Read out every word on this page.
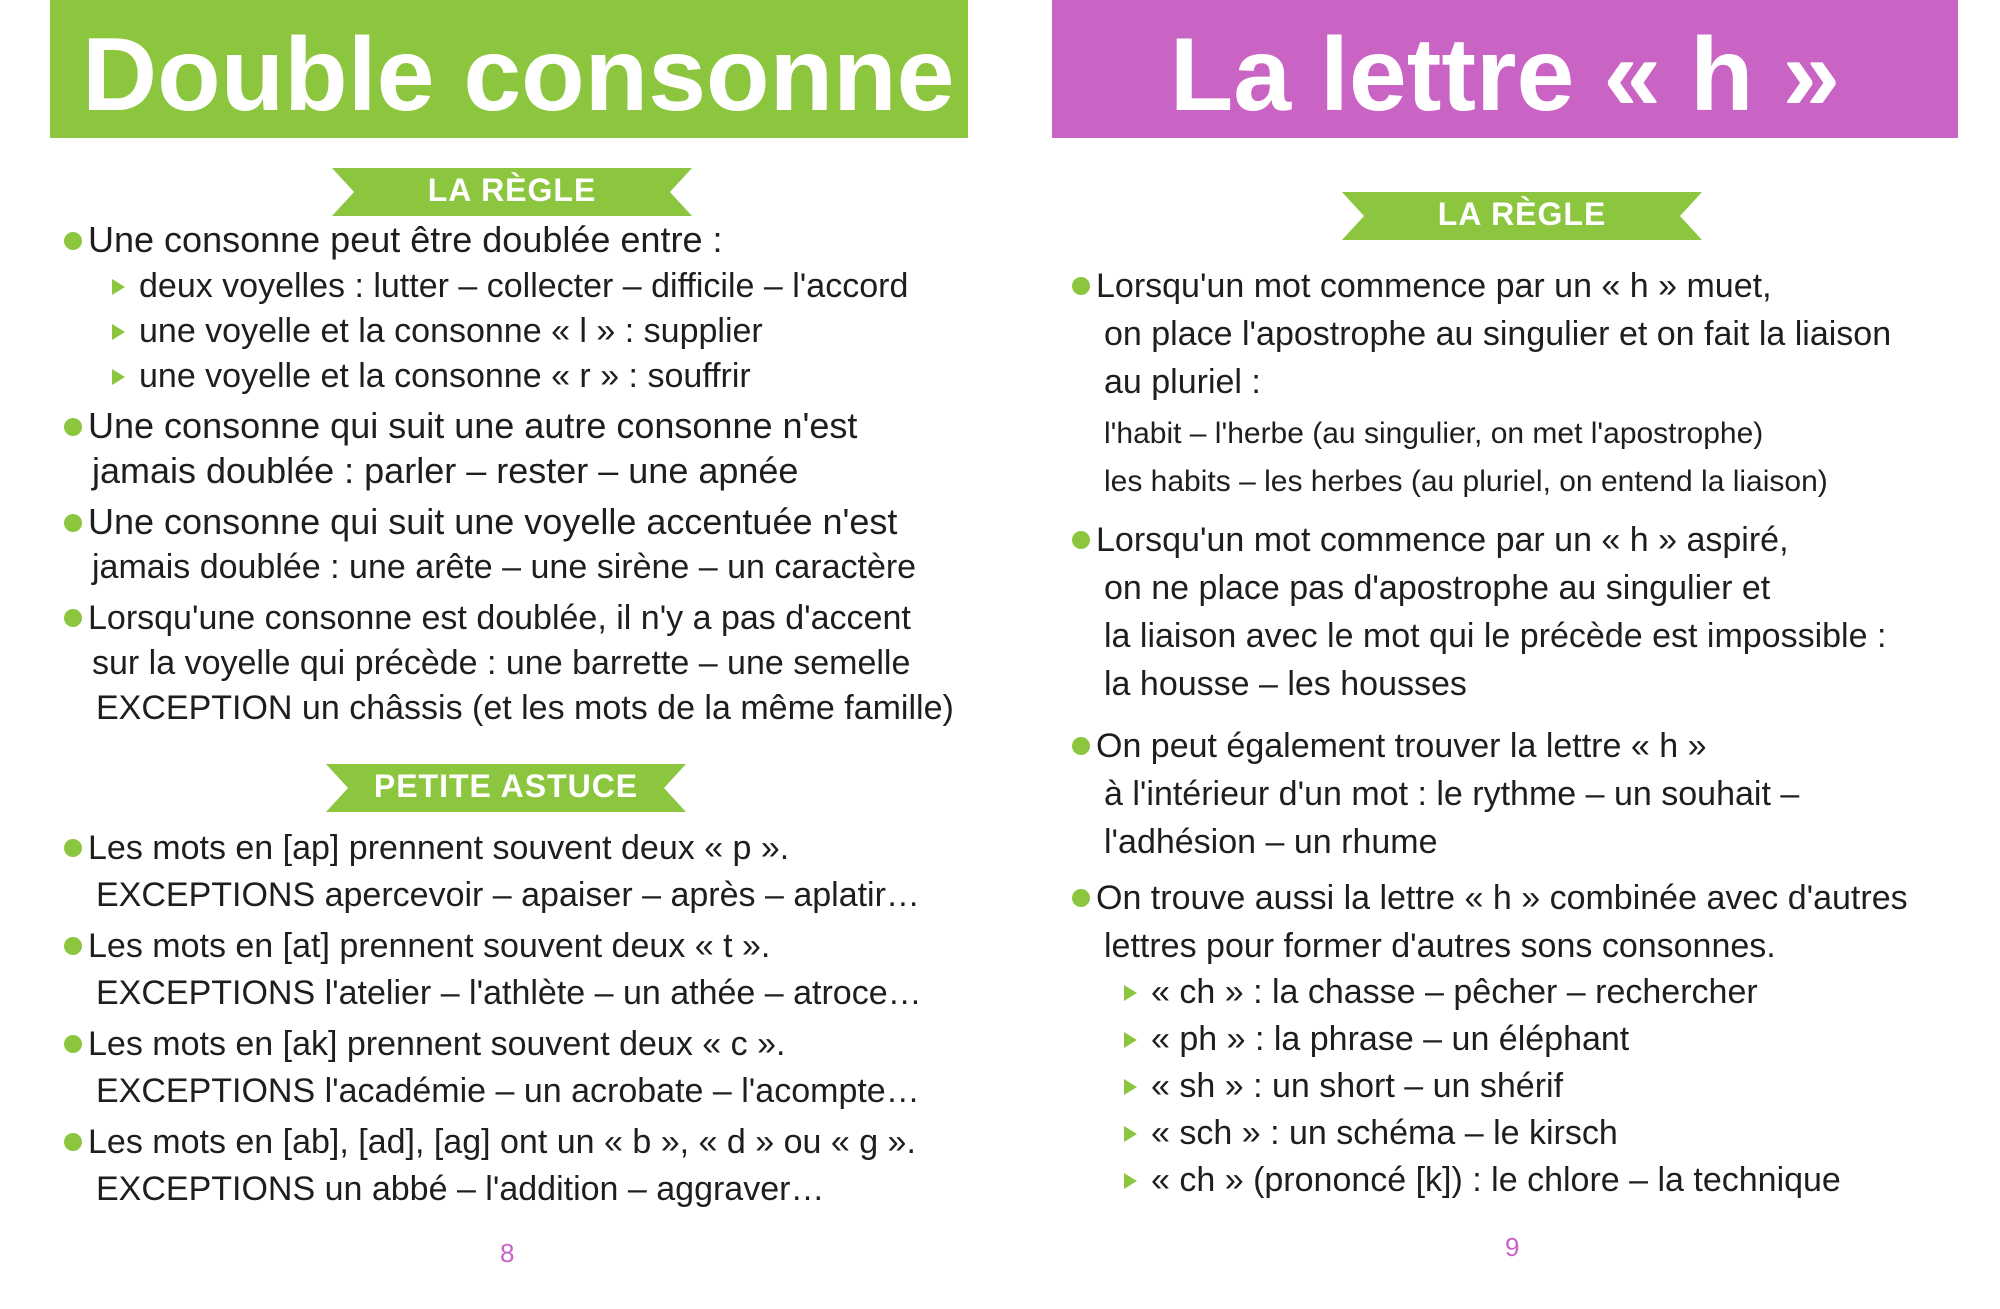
Double consonne ?
LA RÈGLE
Une consonne peut être doublée entre :
deux voyelles : lutter – collecter – difficile – l'accord
une voyelle et la consonne « l » : supplier
une voyelle et la consonne « r » : souffrir
Une consonne qui suit une autre consonne n'est
jamais doublée : parler – rester – une apnée
Une consonne qui suit une voyelle accentuée n'est
jamais doublée : une arête – une sirène – un caractère
Lorsqu'une consonne est doublée, il n'y a pas d'accent
sur la voyelle qui précède : une barrette – une semelle
EXCEPTION un châssis (et les mots de la même famille)
PETITE ASTUCE
Les mots en [ap] prennent souvent deux « p ».
EXCEPTIONS apercevoir – apaiser – après – aplatir…
Les mots en [at] prennent souvent deux « t ».
EXCEPTIONS l'atelier – l'athlète – un athée – atroce…
Les mots en [ak] prennent souvent deux « c ».
EXCEPTIONS l'académie – un acrobate – l'acompte…
Les mots en [ab], [ad], [ag] ont un « b », « d » ou « g ».
EXCEPTIONS un abbé – l'addition – aggraver…
8
La lettre « h »
LA RÈGLE
Lorsqu'un mot commence par un « h » muet,
on place l'apostrophe au singulier et on fait la liaison
au pluriel :
l'habit – l'herbe (au singulier, on met l'apostrophe)
les habits – les herbes (au pluriel, on entend la liaison)
Lorsqu'un mot commence par un « h » aspiré,
on ne place pas d'apostrophe au singulier et
la liaison avec le mot qui le précède est impossible :
la housse – les housses
On peut également trouver la lettre « h »
à l'intérieur d'un mot : le rythme – un souhait –
l'adhésion – un rhume
On trouve aussi la lettre « h » combinée avec d'autres
lettres pour former d'autres sons consonnes.
« ch » : la chasse – pêcher – rechercher
« ph » : la phrase – un éléphant
« sh » : un short – un shérif
« sch » : un schéma – le kirsch
« ch » (prononcé [k]) : le chlore – la technique
9
